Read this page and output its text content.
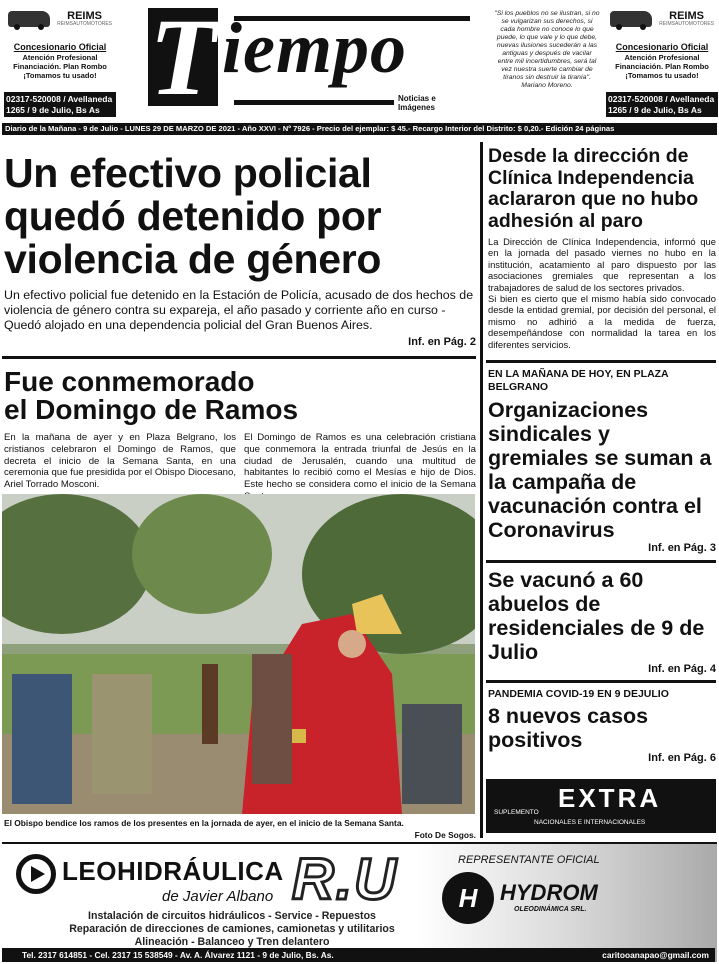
REIMS
REIMSAUTOMOTORES
Concesionario Oficial
Atención Profesional
Financiación. Plan Rombo
¡Tomamos tu usado!
02317-520008 / Avellaneda
1265 / 9 de Julio, Bs As T iempo
Noticias e Imágenes
"Si los pueblos no se ilustran, si no se vulgarizan sus derechos, si cada hombre no conoce lo que puede, lo que vale y lo que debe, nuevas ilusiones sucederán a las antiguas y después de vacilar entre mil incertidumbres, será tal vez nuestra suerte cambiar de tiranos sin destruir la tiranía". Mariano Moreno.
REIMS
REIMSAUTOMOTORES
Concesionario Oficial
Atención Profesional
Financiación. Plan Rombo
¡Tomamos tu usado!
02317-520008 / Avellaneda
1265 / 9 de Julio, Bs As
Diario de la Mañana - 9 de Julio - LUNES 29 DE MARZO DE 2021 - Año XXVI - Nº 7926 - Precio del ejemplar: $ 45.- Recargo Interior del Distrito: $ 0,20.- Edición 24 páginas
Un efectivo policial quedó detenido por violencia de género
Un efectivo policial fue detenido en la Estación de Policía, acusado de dos hechos de violencia de género contra su expareja, el año pasado y corriente año en curso - Quedó alojado en una dependencia policial del Gran Buenos Aires.
Inf. en Pág. 2
Fue conmemorado
el Domingo de Ramos
En la mañana de ayer y en Plaza Belgrano, los cristianos celebraron el Domingo de Ramos, que decreta el inicio de la Semana Santa, en una ceremonia que fue presidida por el Obispo Diocesano, Ariel Torrado Mosconi.
El Domingo de Ramos es una celebración cristiana que conmemora la entrada triunfal de Jesús en la ciudad de Jerusalén, cuando una multitud de habitantes lo recibió como el Mesías e hijo de Dios. Este hecho se considera como el inicio de la Semana
El Obispo bendice los ramos de los presentes en la jornada de ayer, en el inicio de la Semana Santa.
Foto De Sogos.
Desde la dirección de Clínica Independencia aclararon que no hubo adhesión al paro

La Dirección de Clínica Independencia, informó que en la jornada del pasado viernes no hubo en la institución, acatamiento al paro dispuesto por las asociaciones gremiales que representan a los trabajadores de salud de los sectores privados.

Si bien es cierto que el mismo había sido convocado desde la entidad gremial, por decisión del personal, el mismo no adhirió a la medida de fuerza, desempeñándose con normalidad la tarea en los diferentes servicios.

EN LA MAÑANA DE HOY, EN PLAZA BELGRANO
Organizaciones sindicales y gremiales se suman a la campaña de vacunación contra el Coronavirus
Inf. en Pág. 3
Se vacunó a 60 abuelos de residenciales de 9 de Julio
Inf. en Pág. 4
PANDEMIA COVID-19 EN 9 DEJULIO
8 nuevos casos positivos
Inf. en Pág. 6
EXTRA
SUPLEMENTO
NACIONALES E INTERNACIONALES
LEOHIDRÁULICA
de Javier Albano R.U	REPRESENTANTE OFICIAL
H	HYDROM
OLEODINÁMICA SRL.
Instalación de circuitos hidráulicos - Service - Repuestos
Reparación de direcciones de camiones, camionetas y utilitarios
Alineación - Balanceo y Tren delantero
Tel. 2317 614851 - Cel. 2317 15 538549 - Av. A. Álvarez 1121 - 9 de Julio, Bs. As.	caritooanapao@gmail.com
